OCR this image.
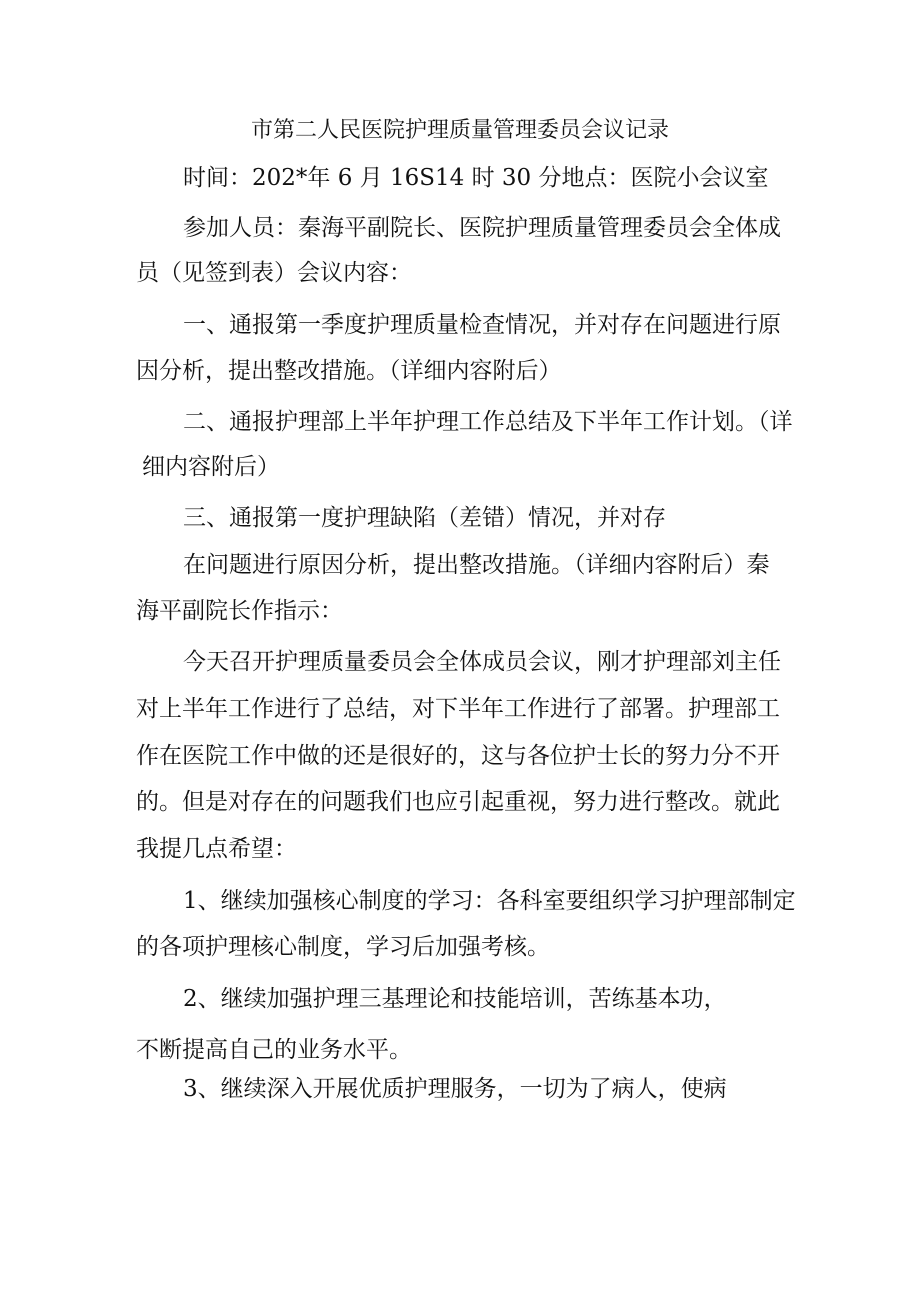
市第二人民医院护理质量管理委员会议记录
时间：202*年 6 月 16S14 时 30 分地点：医院小会议室
参加人员：秦海平副院长、医院护理质量管理委员会全体成
员（见签到表）会议内容：
一、通报第一季度护理质量检查情况，并对存在问题进行原
因分析，提出整改措施。（详细内容附后）
二、通报护理部上半年护理工作总结及下半年工作计划。（详
细内容附后）
三、通报第一度护理缺陷（差错）情况，并对存
在问题进行原因分析，提出整改措施。（详细内容附后）秦
海平副院长作指示：
今天召开护理质量委员会全体成员会议，刚才护理部刘主任
对上半年工作进行了总结，对下半年工作进行了部署。护理部工
作在医院工作中做的还是很好的，这与各位护士长的努力分不开
的。但是对存在的问题我们也应引起重视，努力进行整改。就此
我提几点希望：
1、继续加强核心制度的学习：各科室要组织学习护理部制定
的各项护理核心制度，学习后加强考核。
2、继续加强护理三基理论和技能培训，苦练基本功，
不断提高自己的业务水平。
3、继续深入开展优质护理服务，一切为了病人，使病
